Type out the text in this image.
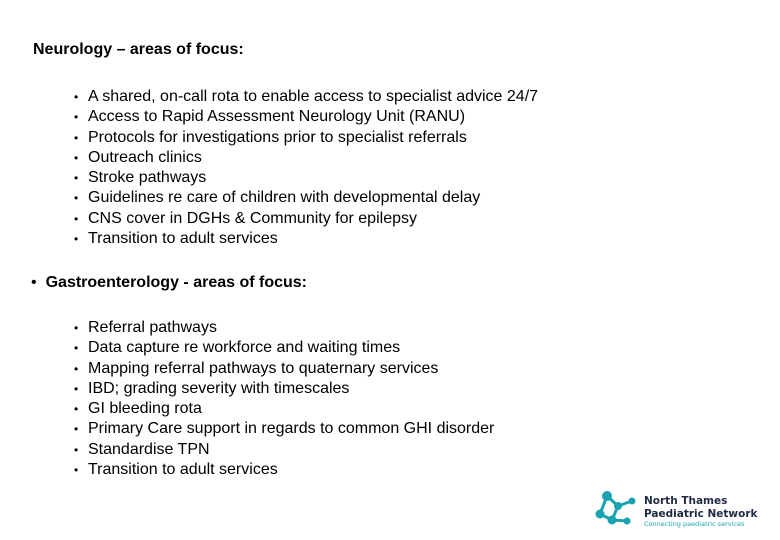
Neurology – areas of focus:
• A shared, on-call rota to enable access to specialist advice 24/7
• Access to Rapid Assessment Neurology Unit (RANU)
• Protocols for investigations prior to specialist referrals
• Outreach clinics
• Stroke pathways
• Guidelines re care of children with developmental delay
• CNS cover in DGHs & Community for epilepsy
• Transition to adult services
• Gastroenterology - areas of focus:
• Referral pathways
• Data capture re workforce and waiting times
• Mapping referral pathways to quaternary services
• IBD; grading severity with timescales
• GI bleeding rota
• Primary Care support in regards to common GHI disorder
• Standardise TPN
• Transition to adult services
North Thames
Paediatric Network
Connecting paediatric services
